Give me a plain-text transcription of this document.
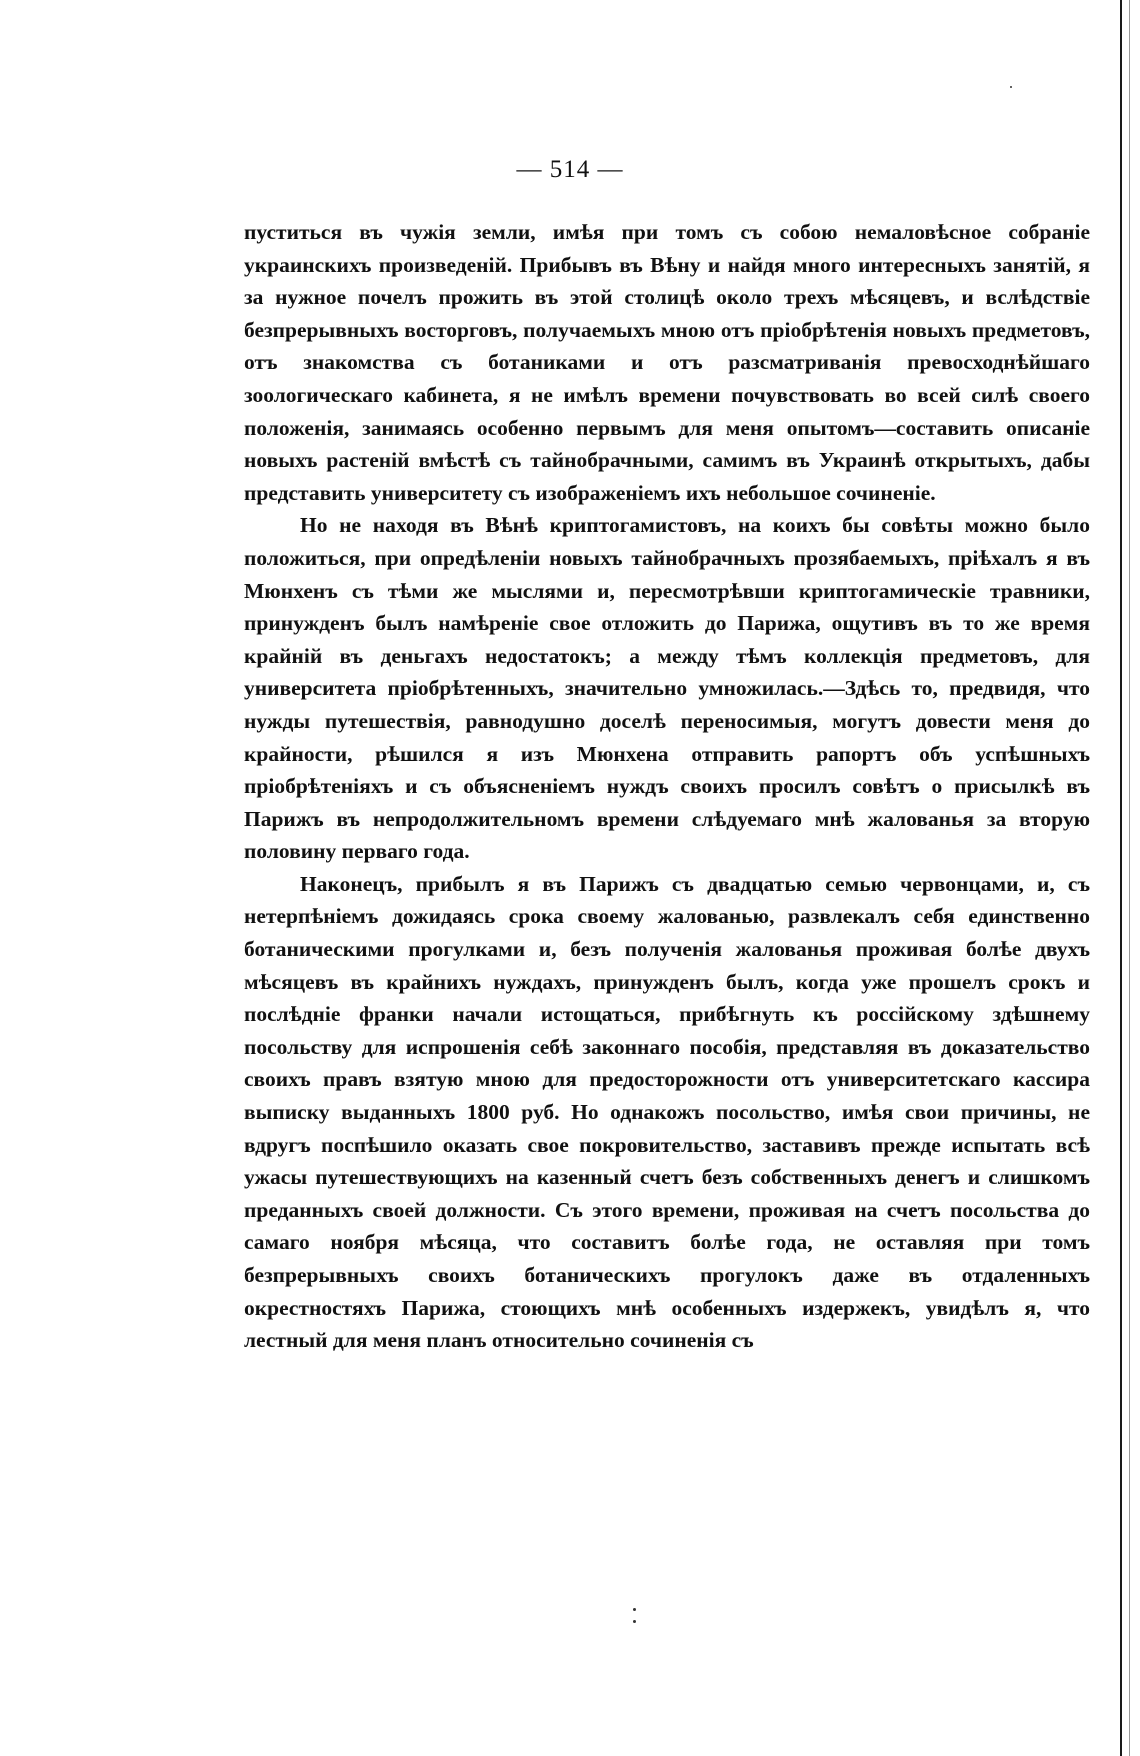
— 514 —

пуститься въ чужія земли, имѣя при томъ съ собою немаловѣсное собраніе украинскихъ произведеній. Прибывъ въ Вѣну и найдя много интересныхъ занятій, я за нужное почелъ прожить въ этой столицѣ около трехъ мѣсяцевъ, и вслѣдствіе безпрерывныхъ восторговъ, получаемыхъ мною отъ пріобрѣтенія новыхъ предметовъ, отъ знакомства съ ботаниками и отъ разсматриванія превосходнѣйшаго зоологическаго кабинета, я не имѣлъ времени почувствовать во всей силѣ своего положенія, занимаясь особенно первымъ для меня опытомъ—составить описаніе новыхъ растеній вмѣстѣ съ тайнобрачными, самимъ въ Украинѣ открытыхъ, дабы представить университету съ изображеніемъ ихъ небольшое сочиненіе.

Но не находя въ Вѣнѣ криптогамистовъ, на коихъ бы совѣты можно было положиться, при опредѣленіи новыхъ тайнобрачныхъ прозябаемыхъ, пріѣхалъ я въ Мюнхенъ съ тѣми же мыслями и, пересмотрѣвши криптогамическіе травники, принужденъ былъ намѣреніе свое отложить до Парижа, ощутивъ въ то же время крайній въ деньгахъ недостатокъ; а между тѣмъ коллекція предметовъ, для университета пріобрѣтенныхъ, значительно умножилась.—Здѣсь то, предвидя, что нужды путешествія, равнодушно доселѣ переносимыя, могутъ довести меня до крайности, рѣшился я изъ Мюнхена отправить рапортъ объ успѣшныхъ пріобрѣтеніяхъ и съ объясненіемъ нуждъ своихъ просилъ совѣтъ о присылкѣ въ Парижъ въ непродолжительномъ времени слѣдуемаго мнѣ жалованья за вторую половину перваго года.

Наконецъ, прибылъ я въ Парижъ съ двадцатью семью червонцами, и, съ нетерпѣніемъ дожидаясь срока своему жалованью, развлекалъ себя единственно ботаническими прогулками и, безъ полученія жалованья проживая болѣе двухъ мѣсяцевъ въ крайнихъ нуждахъ, принужденъ былъ, когда уже прошелъ срокъ и послѣдніе франки начали истощаться, прибѣгнуть къ россійскому здѣшнему посольству для испрошенія себѣ законнаго пособія, представляя въ доказательство своихъ правъ взятую мною для предосторожности отъ университетскаго кассира выписку выданныхъ 1800 руб. Но однакожъ посольство, имѣя свои причины, не вдругъ поспѣшило оказать свое покровительство, заставивъ прежде испытать всѣ ужасы путешествующихъ на казенный счетъ безъ собственныхъ денегъ и слишкомъ преданныхъ своей должности. Съ этого времени, проживая на счетъ посольства до самаго ноября мѣсяца, что составитъ болѣе года, не оставляя при томъ безпрерывныхъ своихъ ботаническихъ прогулокъ даже въ отдаленныхъ окрестностяхъ Парижа, стоющихъ мнѣ особенныхъ издержекъ, увидѣлъ я, что лестный для меня планъ относительно сочиненія съ
